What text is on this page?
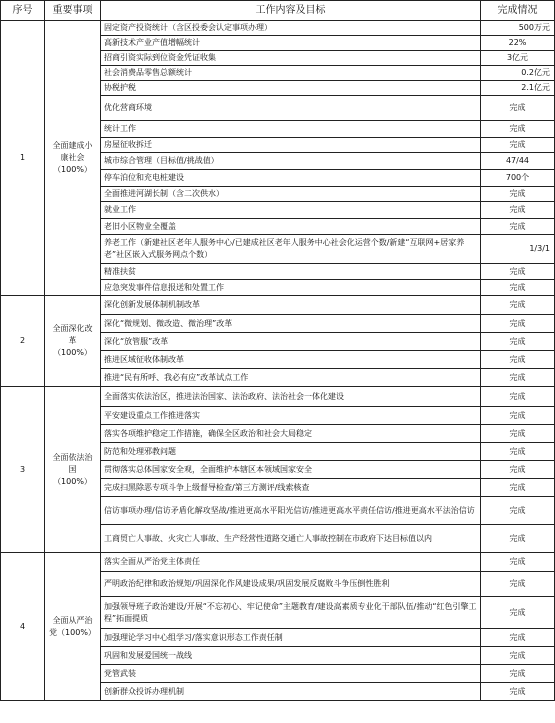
序号	重要事项	工作内容及目标	完成情况
1	全面建成小
康社会
（100%）	固定资产投资统计（含区投委会认定事项办理）	500万元
		高新技术产业产值增幅统计	22%
		招商引资实际到位资金凭证收集	3亿元
		社会消费品零售总额统计	0.2亿元
		协税护税	2.1亿元
		优化营商环境	完成
		统计工作	完成
		房屋征收拆迁	完成
		城市综合管理（目标值/挑战值）	47/44
		停车泊位和充电桩建设	700个
		全面推进河湖长制（含二次供水）	完成
		就业工作	完成
		老旧小区物业全覆盖	完成
		养老工作（新建社区老年人服务中心/已建成社区老年人服务中心社会化运营个数/新建“互联网+居家养老”社区嵌入式服务网点个数）	1/3/1
		精准扶贫	完成
		应急突发事件信息报送和处置工作	完成
2	全面深化改
革
（100%）	深化创新发展体制机制改革	完成
		深化“微规划、微改造、微治理”改革	完成
		深化“放管服”改革	完成
		推进区域征收体制改革	完成
		推进“民有所呼、我必有应”改革试点工作	完成
3	全面依法治
国
（100%）	全面落实依法治区，推进法治国家、法治政府、法治社会一体化建设	完成
		平安建设重点工作推进落实	完成
		落实各项维护稳定工作措施，确保全区政治和社会大局稳定	完成
		防范和处理邪教问题	完成
		贯彻落实总体国家安全观，全面维护本辖区本领域国家安全	完成
		完成扫黑除恶专项斗争上级督导检查/第三方测评/线索核查	完成
		信访事项办理/信访矛盾化解攻坚战/推进更高水平阳光信访/推进更高水平责任信访/推进更高水平法治信访	完成
		工商贸亡人事故、火灾亡人事故、生产经营性道路交通亡人事故控制在市政府下达目标值以内	完成
4	全面从严治
党（100%）	落实全面从严治党主体责任	完成
		严明政治纪律和政治规矩/巩固深化作风建设成果/巩固发展反腐败斗争压倒性胜利	完成
		加强领导班子政治建设/开展“不忘初心、牢记使命”主题教育/建设高素质专业化干部队伍/推动“红色引擎工程”拓面提质	完成
		加强理论学习中心组学习/落实意识形态工作责任制	完成
		巩固和发展爱国统一战线	完成
		党管武装	完成
		创新群众投诉办理机制	完成
